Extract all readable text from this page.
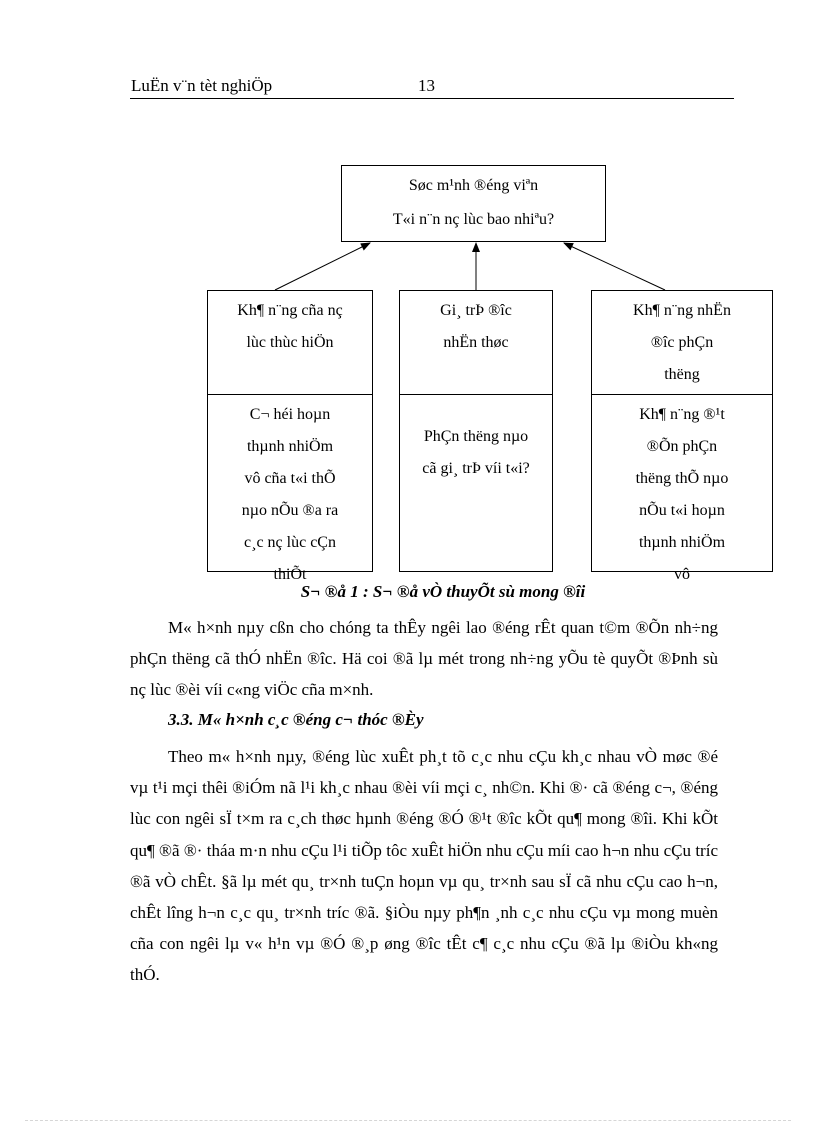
LuËn v¨n tèt nghiÖp	13
Søc m¹nh ®éng viªn
T«i n¨n nç lùc bao nhiªu?
Kh¶ n¨ng cña nç
lùc thùc hiÖn
C¬ héi hoµn
thµnh nhiÖm
vô cña t«i thÕ
nµo nÕu ®a ra
c¸c nç lùc cÇn
thiÕt
Gi¸ trÞ ®îc
nhËn thøc
PhÇn thëng nµo
cã gi¸ trÞ víi t«i?
Kh¶ n¨ng nhËn
®îc phÇn
thëng
Kh¶ n¨ng ®¹t
®Õn phÇn
thëng thÕ nµo
nÕu t«i hoµn
thµnh nhiÖm
vô
S¬ ®å 1 : S¬ ®å vÒ thuyÕt sù mong ®îi
M« h×nh nµy cßn cho chóng ta thÊy ngêi lao ®éng rÊt quan t©m ®Õn nh÷ng phÇn thëng cã thÓ nhËn ®îc. Hä coi ®ã lµ mét trong nh÷ng yÕu tè quyÕt ®Þnh sù nç lùc ®èi víi c«ng viÖc cña m×nh.
3.3. M« h×nh c¸c ®éng c¬ thóc ®Èy
Theo m« h×nh nµy, ®éng lùc xuÊt ph¸t tõ c¸c nhu cÇu kh¸c nhau vÒ møc ®é vµ t¹i mçi thêi ®iÓm nã l¹i kh¸c nhau ®èi víi mçi c¸ nh©n. Khi ®· cã ®éng c¬, ®éng lùc con ngêi sÏ t×m ra c¸ch thøc hµnh ®éng ®Ó ®¹t ®îc kÕt qu¶ mong ®îi. Khi kÕt qu¶ ®ã ®· tháa m·n nhu cÇu l¹i tiÕp tôc xuÊt hiÖn nhu cÇu míi cao h¬n nhu cÇu tríc ®ã vÒ chÊt. §ã lµ mét qu¸ tr×nh tuÇn hoµn vµ qu¸ tr×nh sau sÏ cã nhu cÇu cao h¬n, chÊt lîng h¬n c¸c qu¸ tr×nh tríc ®ã. §iÒu nµy ph¶n ¸nh c¸c nhu cÇu vµ mong muèn cña con ngêi lµ v« h¹n vµ ®Ó ®¸p øng ®îc tÊt c¶ c¸c nhu cÇu ®ã lµ ®iÒu kh«ng thÓ.
